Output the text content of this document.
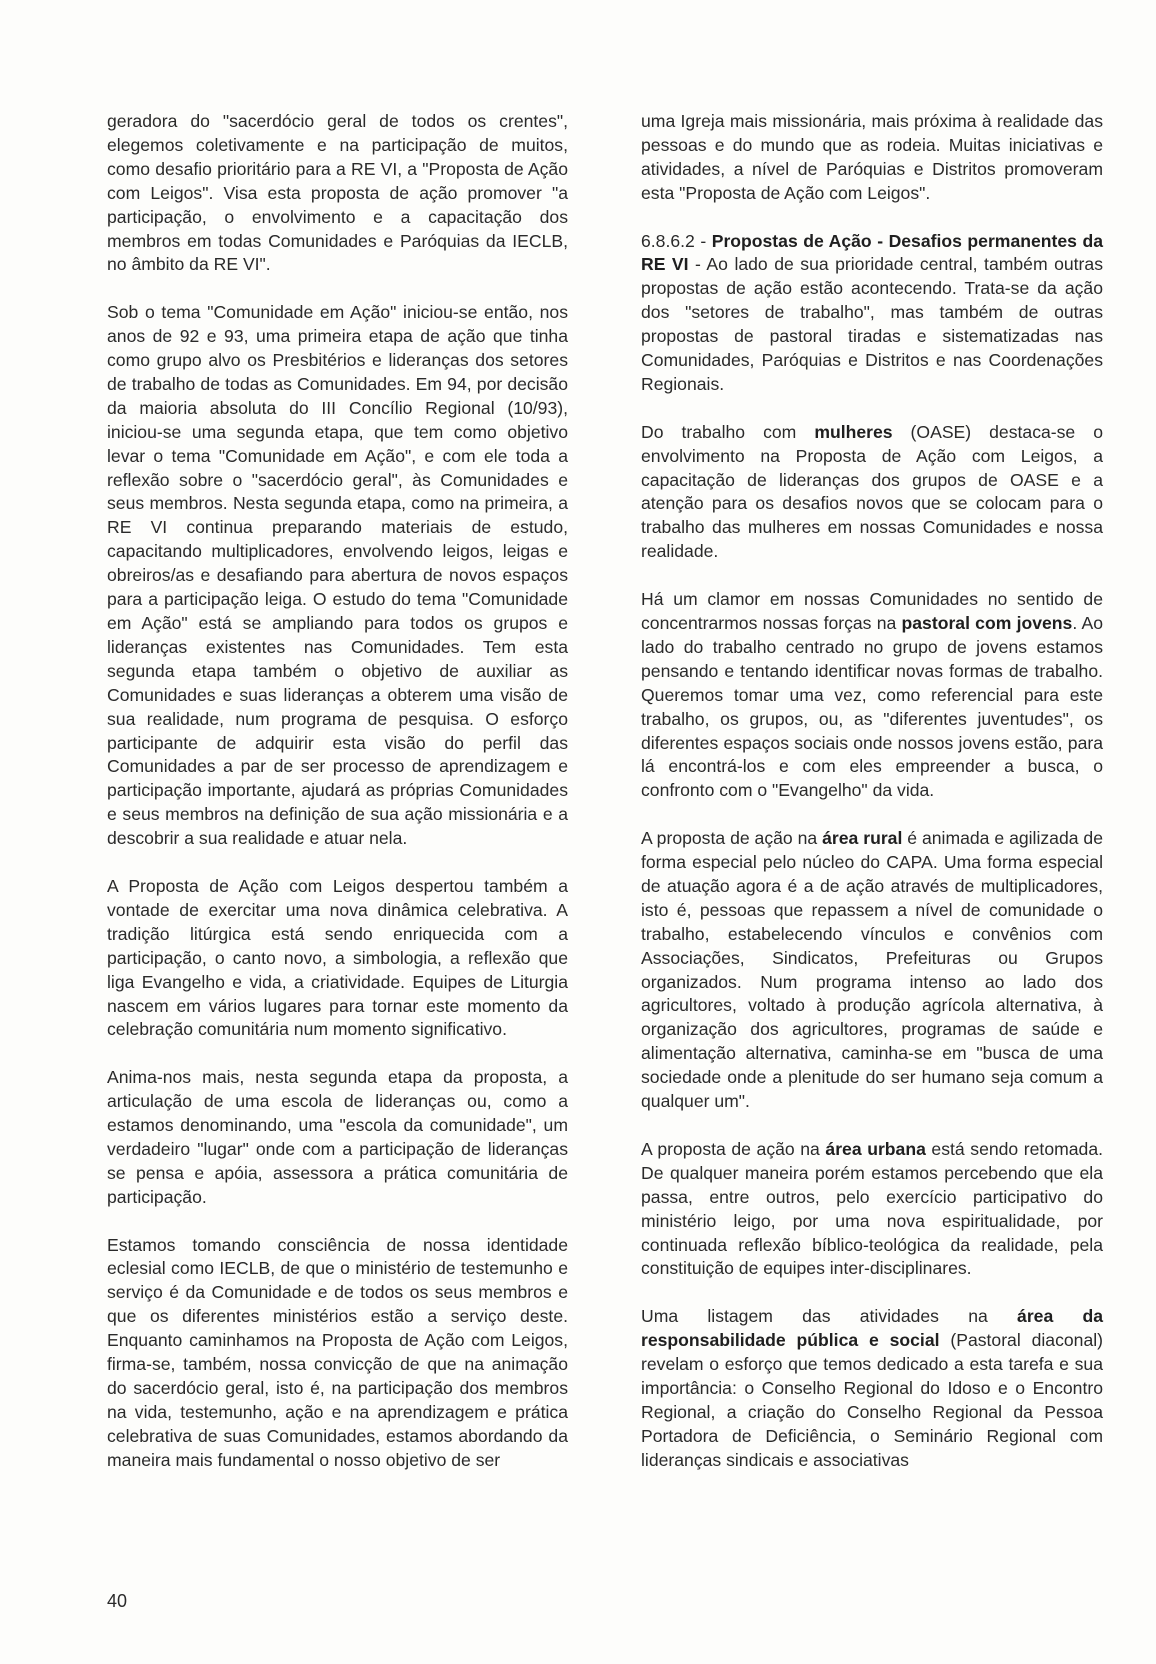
geradora do "sacerdócio geral de todos os crentes", elegemos coletivamente e na participação de muitos, como desafio prioritário para a RE VI, a "Proposta de Ação com Leigos". Visa esta proposta de ação promover "a participação, o envolvimento e a capacitação dos membros em todas Comunidades e Paróquias da IECLB, no âmbito da RE VI".

Sob o tema "Comunidade em Ação" iniciou-se então, nos anos de 92 e 93, uma primeira etapa de ação que tinha como grupo alvo os Presbitérios e lideranças dos setores de trabalho de todas as Comunidades. Em 94, por decisão da maioria absoluta do III Concílio Regional (10/93), iniciou-se uma segunda etapa, que tem como objetivo levar o tema "Comunidade em Ação", e com ele toda a reflexão sobre o "sacerdócio geral", às Comunidades e seus membros. Nesta segunda etapa, como na primeira, a RE VI continua preparando materiais de estudo, capacitando multiplicadores, envolvendo leigos, leigas e obreiros/as e desafiando para abertura de novos espaços para a participação leiga. O estudo do tema "Comunidade em Ação" está se ampliando para todos os grupos e lideranças existentes nas Comunidades. Tem esta segunda etapa também o objetivo de auxiliar as Comunidades e suas lideranças a obterem uma visão de sua realidade, num programa de pesquisa. O esforço participante de adquirir esta visão do perfil das Comunidades a par de ser processo de aprendizagem e participação importante, ajudará as próprias Comunidades e seus membros na definição de sua ação missionária e a descobrir a sua realidade e atuar nela.

A Proposta de Ação com Leigos despertou também a vontade de exercitar uma nova dinâmica celebrativa. A tradição litúrgica está sendo enriquecida com a participação, o canto novo, a simbologia, a reflexão que liga Evangelho e vida, a criatividade. Equipes de Liturgia nascem em vários lugares para tornar este momento da celebração comunitária num momento significativo.

Anima-nos mais, nesta segunda etapa da proposta, a articulação de uma escola de lideranças ou, como a estamos denominando, uma "escola da comunidade", um verdadeiro "lugar" onde com a participação de lideranças se pensa e apóia, assessora a prática comunitária de participação.

Estamos tomando consciência de nossa identidade eclesial como IECLB, de que o ministério de testemunho e serviço é da Comunidade e de todos os seus membros e que os diferentes ministérios estão a serviço deste. Enquanto caminhamos na Proposta de Ação com Leigos, firma-se, também, nossa convicção de que na animação do sacerdócio geral, isto é, na participação dos membros na vida, testemunho, ação e na aprendizagem e prática celebrativa de suas Comunidades, estamos abordando da maneira mais fundamental o nosso objetivo de ser

uma Igreja mais missionária, mais próxima à realidade das pessoas e do mundo que as rodeia. Muitas iniciativas e atividades, a nível de Paróquias e Distritos promoveram esta "Proposta de Ação com Leigos".

6.8.6.2 - Propostas de Ação - Desafios permanentes da RE VI - Ao lado de sua prioridade central, também outras propostas de ação estão acontecendo. Trata-se da ação dos "setores de trabalho", mas também de outras propostas de pastoral tiradas e sistematizadas nas Comunidades, Paróquias e Distritos e nas Coordenações Regionais.

Do trabalho com mulheres (OASE) destaca-se o envolvimento na Proposta de Ação com Leigos, a capacitação de lideranças dos grupos de OASE e a atenção para os desafios novos que se colocam para o trabalho das mulheres em nossas Comunidades e nossa realidade.

Há um clamor em nossas Comunidades no sentido de concentrarmos nossas forças na pastoral com jovens. Ao lado do trabalho centrado no grupo de jovens estamos pensando e tentando identificar novas formas de trabalho. Queremos tomar uma vez, como referencial para este trabalho, os grupos, ou, as "diferentes juventudes", os diferentes espaços sociais onde nossos jovens estão, para lá encontrá-los e com eles empreender a busca, o confronto com o "Evangelho" da vida.

A proposta de ação na área rural é animada e agilizada de forma especial pelo núcleo do CAPA. Uma forma especial de atuação agora é a de ação através de multiplicadores, isto é, pessoas que repassem a nível de comunidade o trabalho, estabelecendo vínculos e convênios com Associações, Sindicatos, Prefeituras ou Grupos organizados. Num programa intenso ao lado dos agricultores, voltado à produção agrícola alternativa, à organização dos agricultores, programas de saúde e alimentação alternativa, caminha-se em "busca de uma sociedade onde a plenitude do ser humano seja comum a qualquer um".

A proposta de ação na área urbana está sendo retomada. De qualquer maneira porém estamos percebendo que ela passa, entre outros, pelo exercício participativo do ministério leigo, por uma nova espiritualidade, por continuada reflexão bíblico-teológica da realidade, pela constituição de equipes inter-disciplinares.

Uma listagem das atividades na área da responsabilidade pública e social (Pastoral diaconal) revelam o esforço que temos dedicado a esta tarefa e sua importância: o Conselho Regional do Idoso e o Encontro Regional, a criação do Conselho Regional da Pessoa Portadora de Deficiência, o Seminário Regional com lideranças sindicais e associativas

40
